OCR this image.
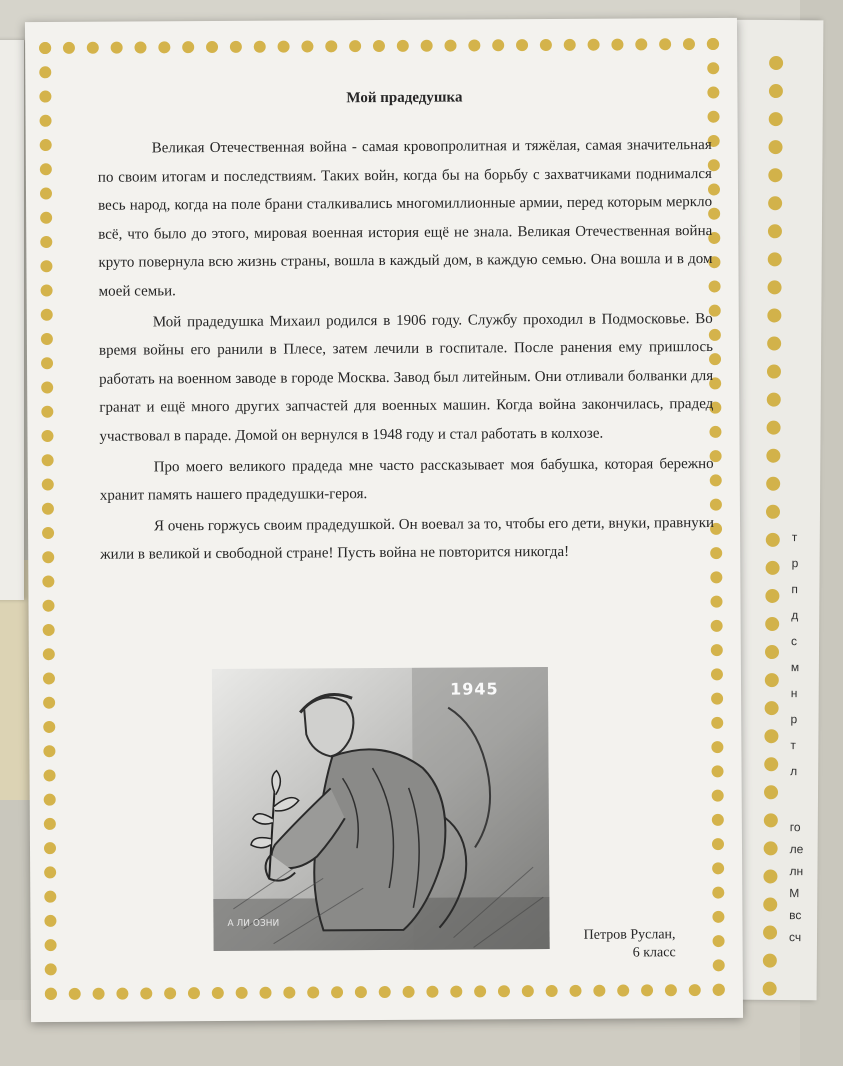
т
р
п
д
с
м
н
р
т
л
го
ле
лн
М
вс
сч
Мой прадедушка

Великая Отечественная война - самая кровопролитная и тяжёлая, самая значительная по своим итогам и последствиям. Таких войн, когда бы на борьбу с захватчиками поднимался весь народ, когда на поле брани сталкивались многомиллионные армии, перед которым меркло всё, что было до этого, мировая военная история ещё не знала. Великая Отечественная война круто повернула всю жизнь страны, вошла в каждый дом, в каждую семью. Она вошла и в дом моей семьи.

Мой прадедушка Михаил родился в 1906 году. Службу проходил в Подмосковье. Во время войны его ранили в Плесе, затем лечили в госпитале. После ранения ему пришлось работать на военном заводе в городе Москва. Завод был литейным. Они отливали болванки для гранат и ещё много других запчастей для военных машин. Когда война закончилась, прадед участвовал в параде. Домой он вернулся в 1948 году и стал работать в колхозе.

Про моего великого прадеда мне часто рассказывает моя бабушка, которая бережно хранит память нашего прадедушки-героя.

Я очень горжусь своим прадедушкой. Он воевал за то, чтобы его дети, внуки, правнуки жили в великой и свободной стране! Пусть война не повторится никогда!

1945
А ЛИ ОЗНИ
Петров Руслан,
6 класс
